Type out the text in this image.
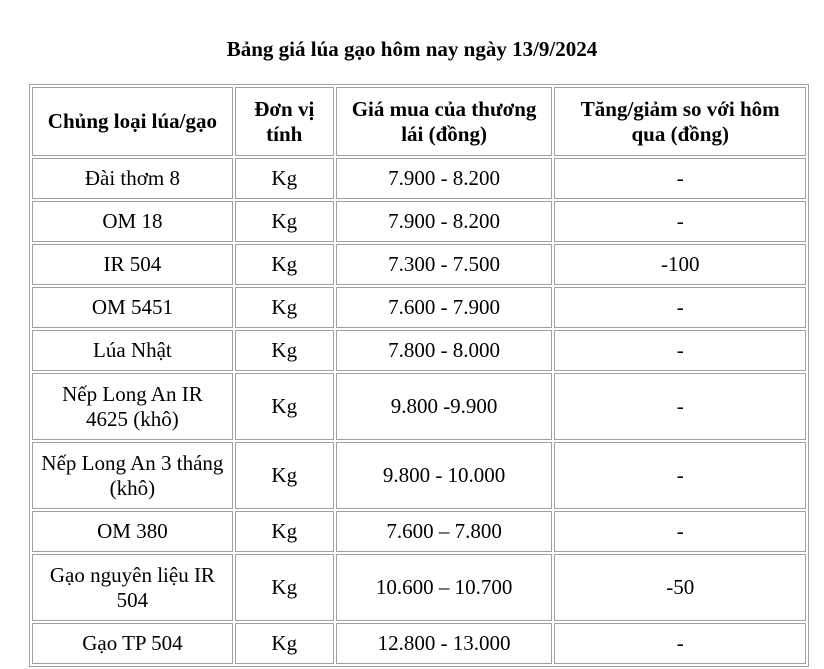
Bảng giá lúa gạo hôm nay ngày 13/9/2024
Chủng loại lúa/gạo	Đơn vị tính	Giá mua của thương lái (đồng)	Tăng/giảm so với hôm qua (đồng)
Đài thơm 8	Kg	7.900 - 8.200	-
OM 18	Kg	7.900 - 8.200	-
IR 504	Kg	7.300 - 7.500	-100
OM 5451	Kg	7.600 - 7.900	-
Lúa Nhật	Kg	7.800 - 8.000	-
Nếp Long An IR 4625 (khô)	Kg	9.800 -9.900	-
Nếp Long An 3 tháng (khô)	Kg	9.800 - 10.000	-
OM 380	Kg	7.600 – 7.800	-
Gạo nguyên liệu IR 504	Kg	10.600 – 10.700	-50
Gạo TP 504	Kg	12.800 - 13.000	-
